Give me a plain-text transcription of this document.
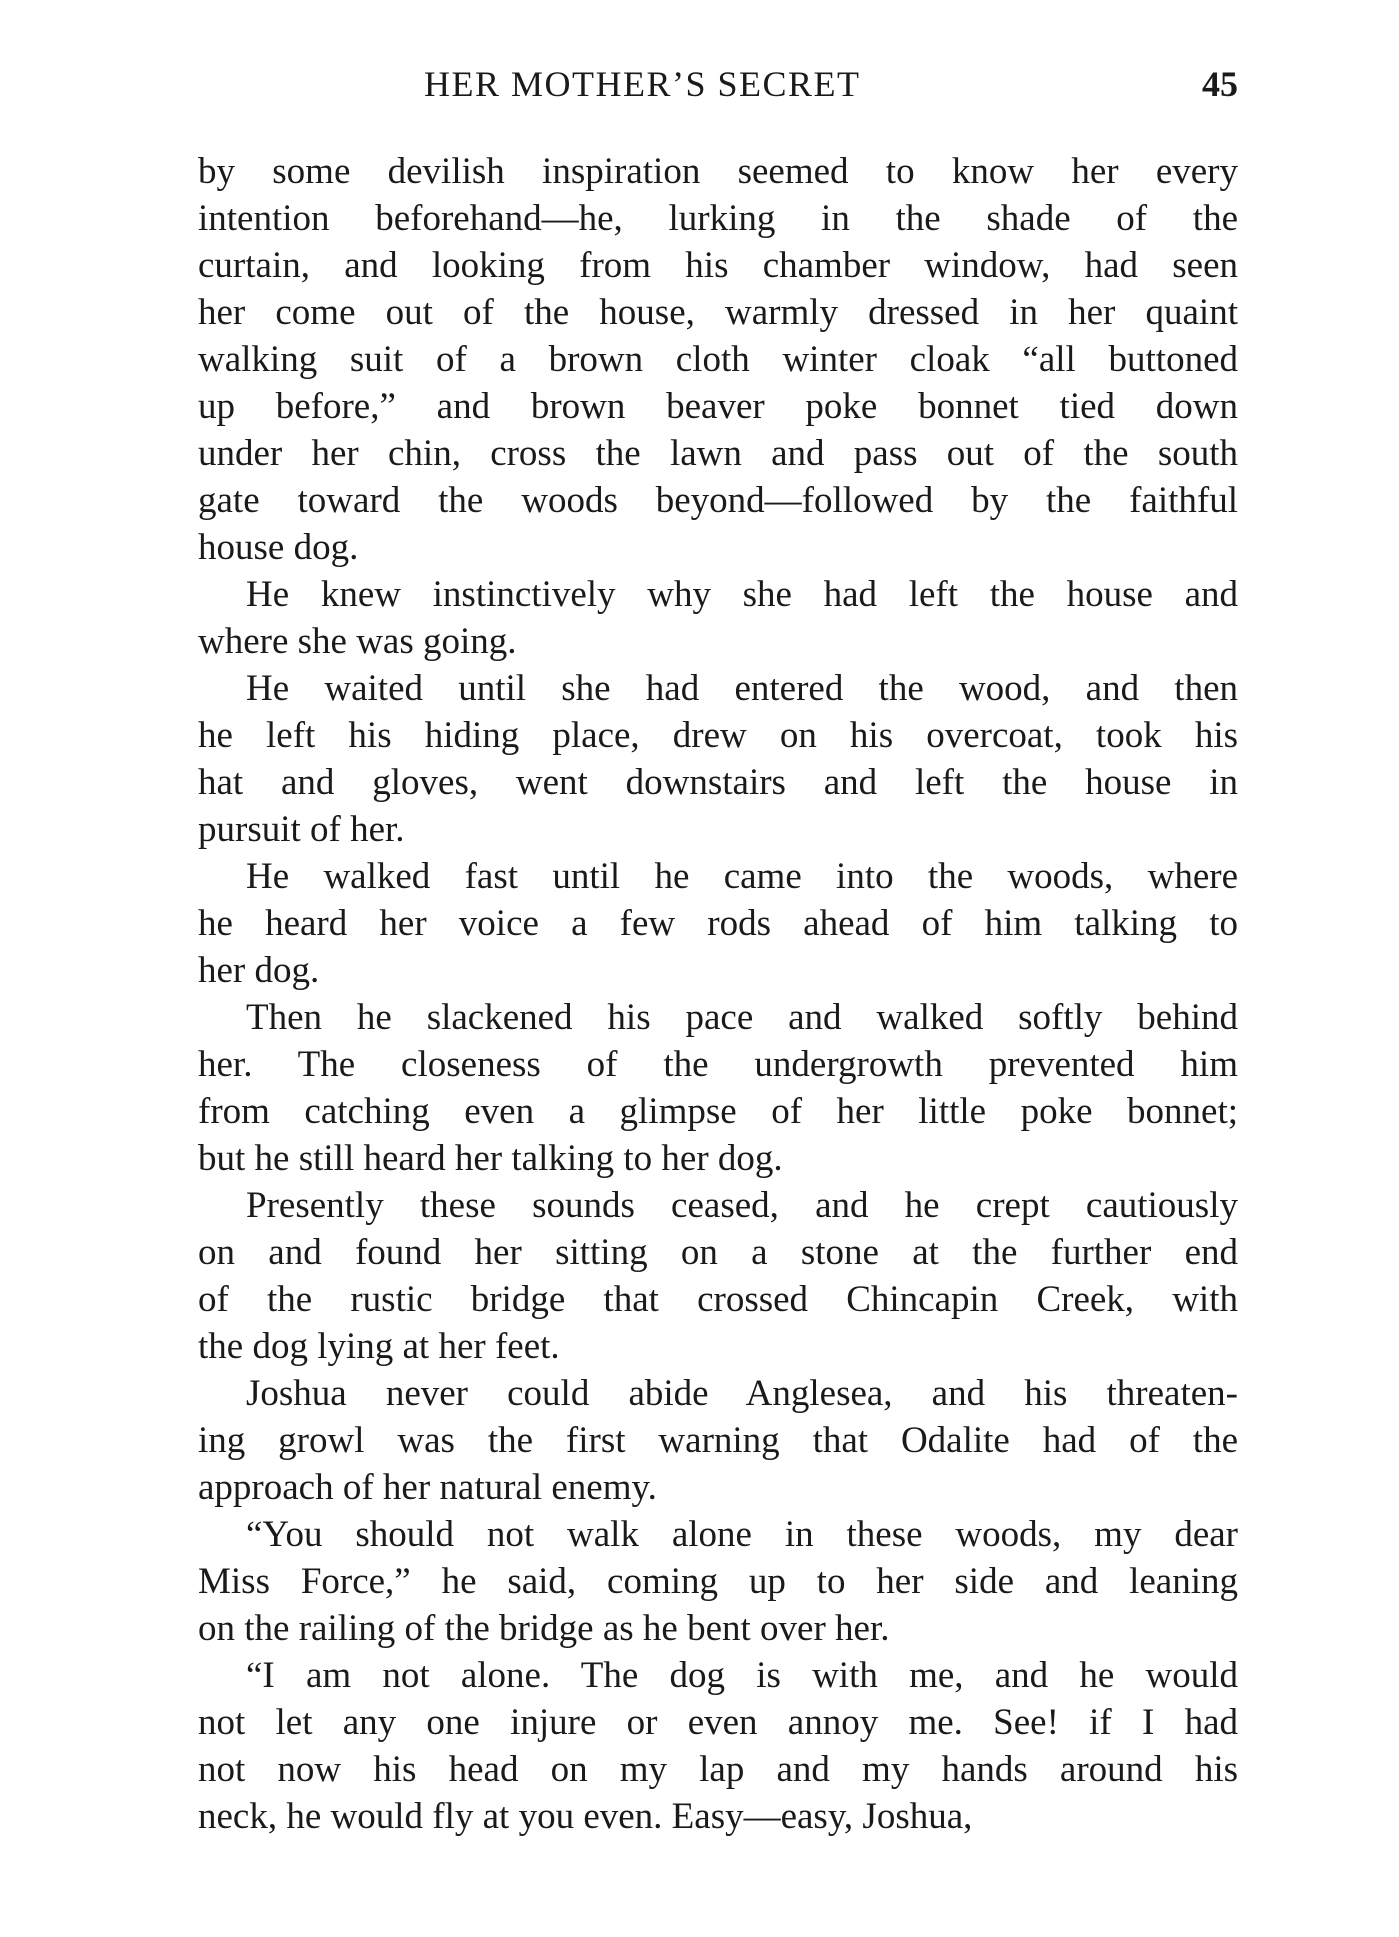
HER MOTHER’S SECRET	45
by some devilish inspiration seemed to know her every
intention beforehand—he, lurking in the shade of the
curtain, and looking from his chamber window, had seen
her come out of the house, warmly dressed in her quaint
walking suit of a brown cloth winter cloak “all buttoned
up before,” and brown beaver poke bonnet tied down
under her chin, cross the lawn and pass out of the south
gate toward the woods beyond—followed by the faithful
house dog.
He knew instinctively why she had left the house and
where she was going.
He waited until she had entered the wood, and then
he left his hiding place, drew on his overcoat, took his
hat and gloves, went downstairs and left the house in
pursuit of her.
He walked fast until he came into the woods, where
he heard her voice a few rods ahead of him talking to
her dog.
Then he slackened his pace and walked softly behind
her. The closeness of the undergrowth prevented him
from catching even a glimpse of her little poke bonnet;
but he still heard her talking to her dog.
Presently these sounds ceased, and he crept cautiously
on and found her sitting on a stone at the further end
of the rustic bridge that crossed Chincapin Creek, with
the dog lying at her feet.
Joshua never could abide Anglesea, and his threaten-
ing growl was the first warning that Odalite had of the
approach of her natural enemy.
“You should not walk alone in these woods, my dear
Miss Force,” he said, coming up to her side and leaning
on the railing of the bridge as he bent over her.
“I am not alone. The dog is with me, and he would
not let any one injure or even annoy me. See! if I had
not now his head on my lap and my hands around his
neck, he would fly at you even. Easy—easy, Joshua,
